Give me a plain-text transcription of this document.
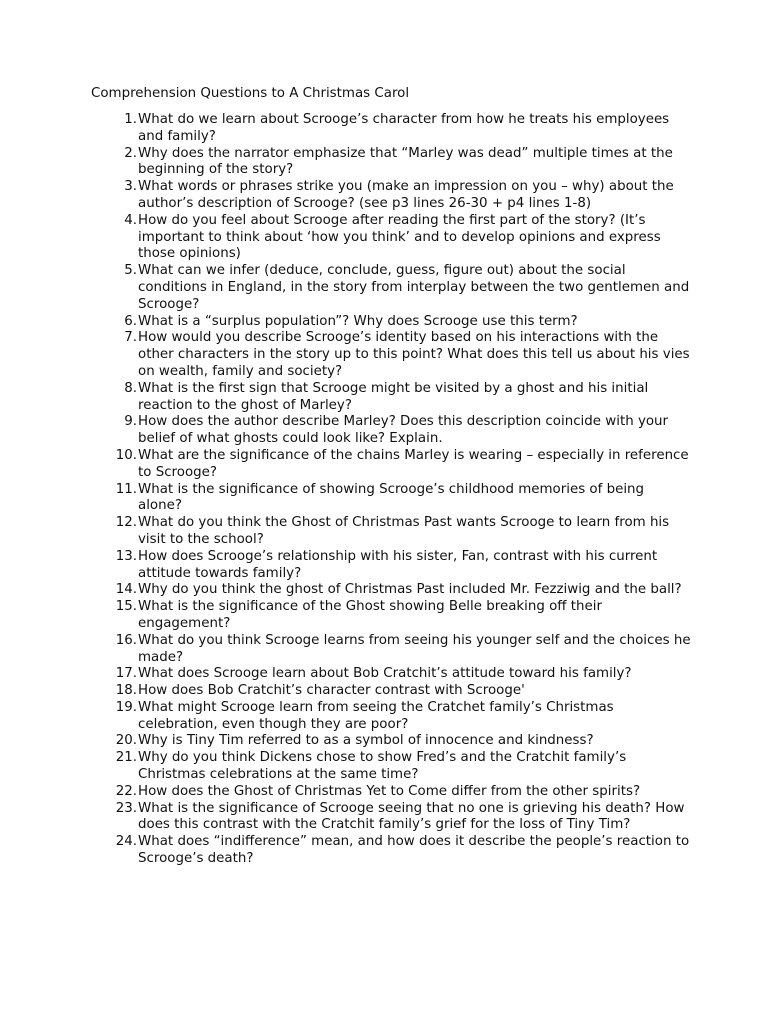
Comprehension Questions to A Christmas Carol
1. What do we learn about Scrooge’s character from how he treats his employees and family?
2. Why does the narrator emphasize that “Marley was dead” multiple times at the beginning of the story?
3. What words or phrases strike you (make an impression on you – why) about the author’s description of Scrooge? (see p3 lines 26-30 + p4 lines 1-8)
4. How do you feel about Scrooge after reading the first part of the story? (It’s important to think about ‘how you think’ and to develop opinions and express those opinions)
5. What can we infer (deduce, conclude, guess, figure out) about the social conditions in England, in the story from interplay between the two gentlemen and Scrooge?
6. What is a “surplus population”? Why does Scrooge use this term?
7. How would you describe Scrooge’s identity based on his interactions with the other characters in the story up to this point? What does this tell us about his vies on wealth, family and society?
8. What is the first sign that Scrooge might be visited by a ghost and his initial reaction to the ghost of Marley?
9. How does the author describe Marley? Does this description coincide with your belief of what ghosts could look like? Explain.
10. What are the significance of the chains Marley is wearing – especially in reference to Scrooge?
11. What is the significance of showing Scrooge’s childhood memories of being alone?
12. What do you think the Ghost of Christmas Past wants Scrooge to learn from his visit to the school?
13. How does Scrooge’s relationship with his sister, Fan, contrast with his current attitude towards family?
14. Why do you think the ghost of Christmas Past included Mr. Fezziwig and the ball?
15. What is the significance of the Ghost showing Belle breaking off their engagement?
16. What do you think Scrooge learns from seeing his younger self and the choices he made?
17. What does Scrooge learn about Bob Cratchit’s attitude toward his family?
18. How does Bob Cratchit’s character contrast with Scrooge'
19. What might Scrooge learn from seeing the Cratchet family’s Christmas celebration, even though they are poor?
20. Why is Tiny Tim referred to as a symbol of innocence and kindness?
21. Why do you think Dickens chose to show Fred’s and the Cratchit family’s Christmas celebrations at the same time?
22. How does the Ghost of Christmas Yet to Come differ from the other spirits?
23. What is the significance of Scrooge seeing that no one is grieving his death? How does this contrast with the Cratchit family’s grief for the loss of Tiny Tim?
24. What does “indifference” mean, and how does it describe the people’s reaction to Scrooge’s death?
